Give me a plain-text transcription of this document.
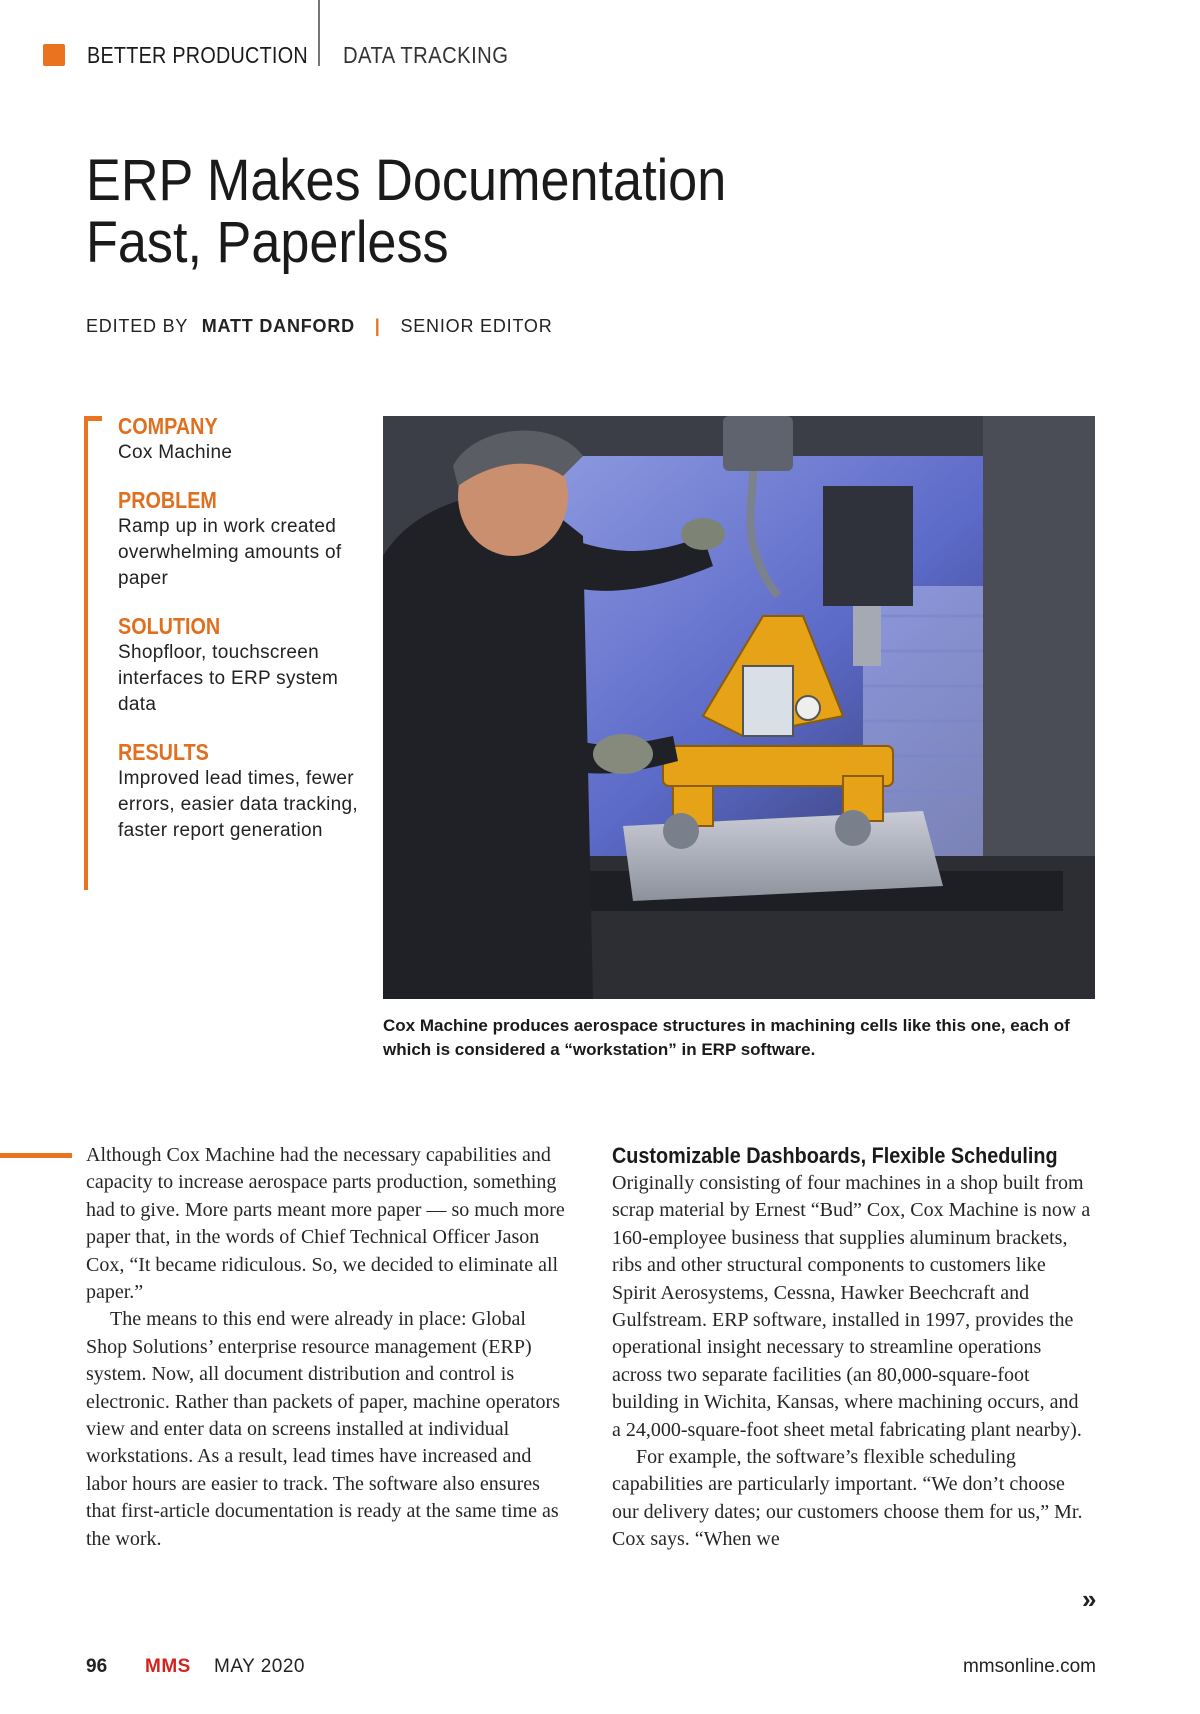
BETTER PRODUCTION DATA TRACKING
ERP Makes Documentation Fast, Paperless
EDITED BY MATT DANFORD | SENIOR EDITOR
COMPANY
Cox Machine
PROBLEM
Ramp up in work created overwhelming amounts of paper
SOLUTION
Shopfloor, touchscreen interfaces to ERP system data
RESULTS
Improved lead times, fewer errors, easier data tracking, faster report generation
Cox Machine produces aerospace structures in machining cells like this one, each of which is considered a “workstation” in ERP software.

Although Cox Machine had the necessary capabilities and capacity to increase aerospace parts production, something had to give. More parts meant more paper — so much more paper that, in the words of Chief Technical Officer Jason Cox, “It became ridiculous. So, we decided to eliminate all paper.”

The means to this end were already in place: Global Shop Solutions’ enterprise resource management (ERP) system. Now, all document distribution and control is electronic. Rather than packets of paper, machine operators view and enter data on screens installed at individual workstations. As a result, lead times have increased and labor hours are easier to track. The software also ensures that first-article documentation is ready at the same time as the work.

Customizable Dashboards, Flexible Scheduling

Originally consisting of four machines in a shop built from scrap material by Ernest “Bud” Cox, Cox Machine is now a 160-employee business that supplies aluminum brackets, ribs and other structural components to customers like Spirit Aerosystems, Cessna, Hawker Beechcraft and Gulfstream. ERP software, installed in 1997, provides the operational insight necessary to streamline operations across two separate facilities (an 80,000-square-foot building in Wichita, Kansas, where machining occurs, and a 24,000-square-foot sheet metal fabricating plant nearby).

For example, the software’s flexible scheduling capabilities are particularly important. “We don’t choose our delivery dates; our customers choose them for us,” Mr. Cox says. “When we

»
96 MMS MAY 2020	mmsonline.com
